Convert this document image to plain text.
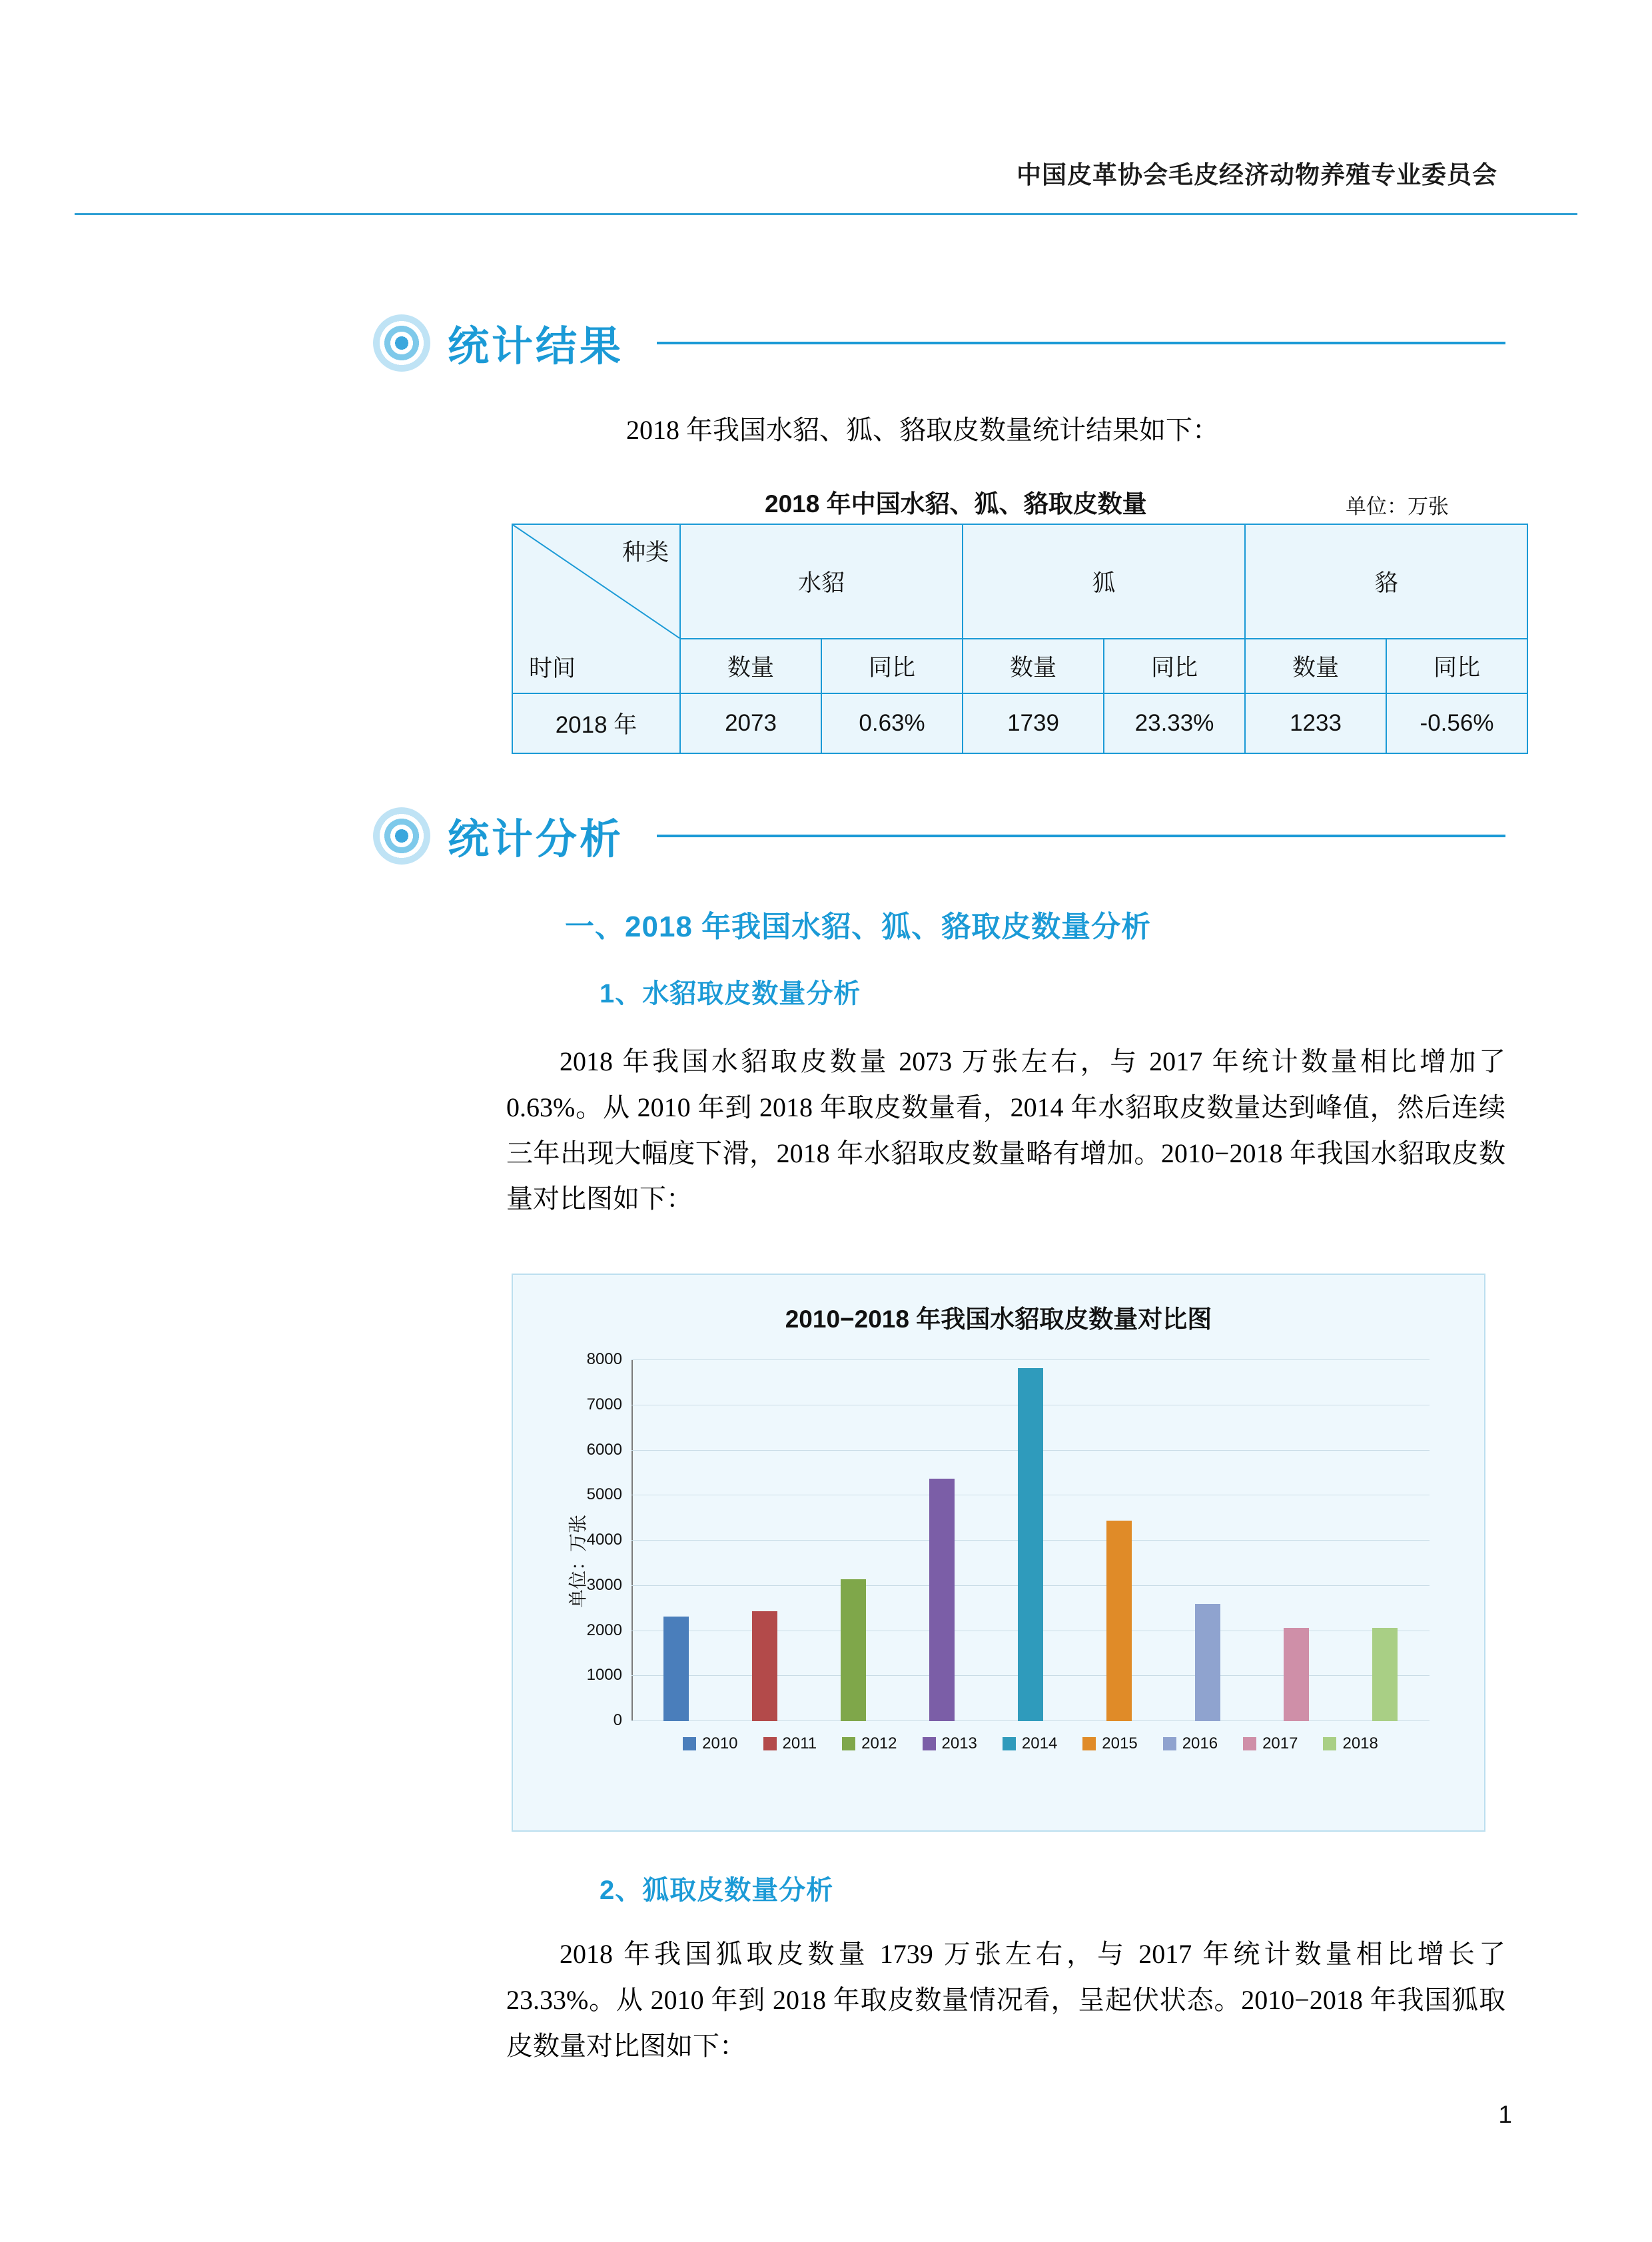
中国皮革协会毛皮经济动物养殖专业委员会
统计结果
2018 年我国水貂、狐、貉取皮数量统计结果如下：
2018 年中国水貂、狐、貉取皮数量	单位：万张
种类
时间	水貂		狐		貉	
	数量	同比	数量	同比	数量	同比
2018 年	2073	0.63%	1739	23.33%	1233	-0.56%
统计分析
一、2018 年我国水貂、狐、貉取皮数量分析
1、水貂取皮数量分析
2018 年我国水貂取皮数量 2073 万张左右，与 2017 年统计数量相比增加了 0.63%。从 2010 年到 2018 年取皮数量看，2014 年水貂取皮数量达到峰值，然后连续三年出现大幅度下滑，2018 年水貂取皮数量略有增加。2010−2018 年我国水貂取皮数量对比图如下：
2010−2018 年我国水貂取皮数量对比图
单位：万张
0
1000
2000
3000
4000
5000
6000
7000
8000
2010	2011	2012	2013	2014	2015	2016	2017	2018
2、狐取皮数量分析
2018 年我国狐取皮数量 1739 万张左右，与 2017 年统计数量相比增长了 23.33%。从 2010 年到 2018 年取皮数量情况看，呈起伏状态。2010−2018 年我国狐取皮数量对比图如下：
1
